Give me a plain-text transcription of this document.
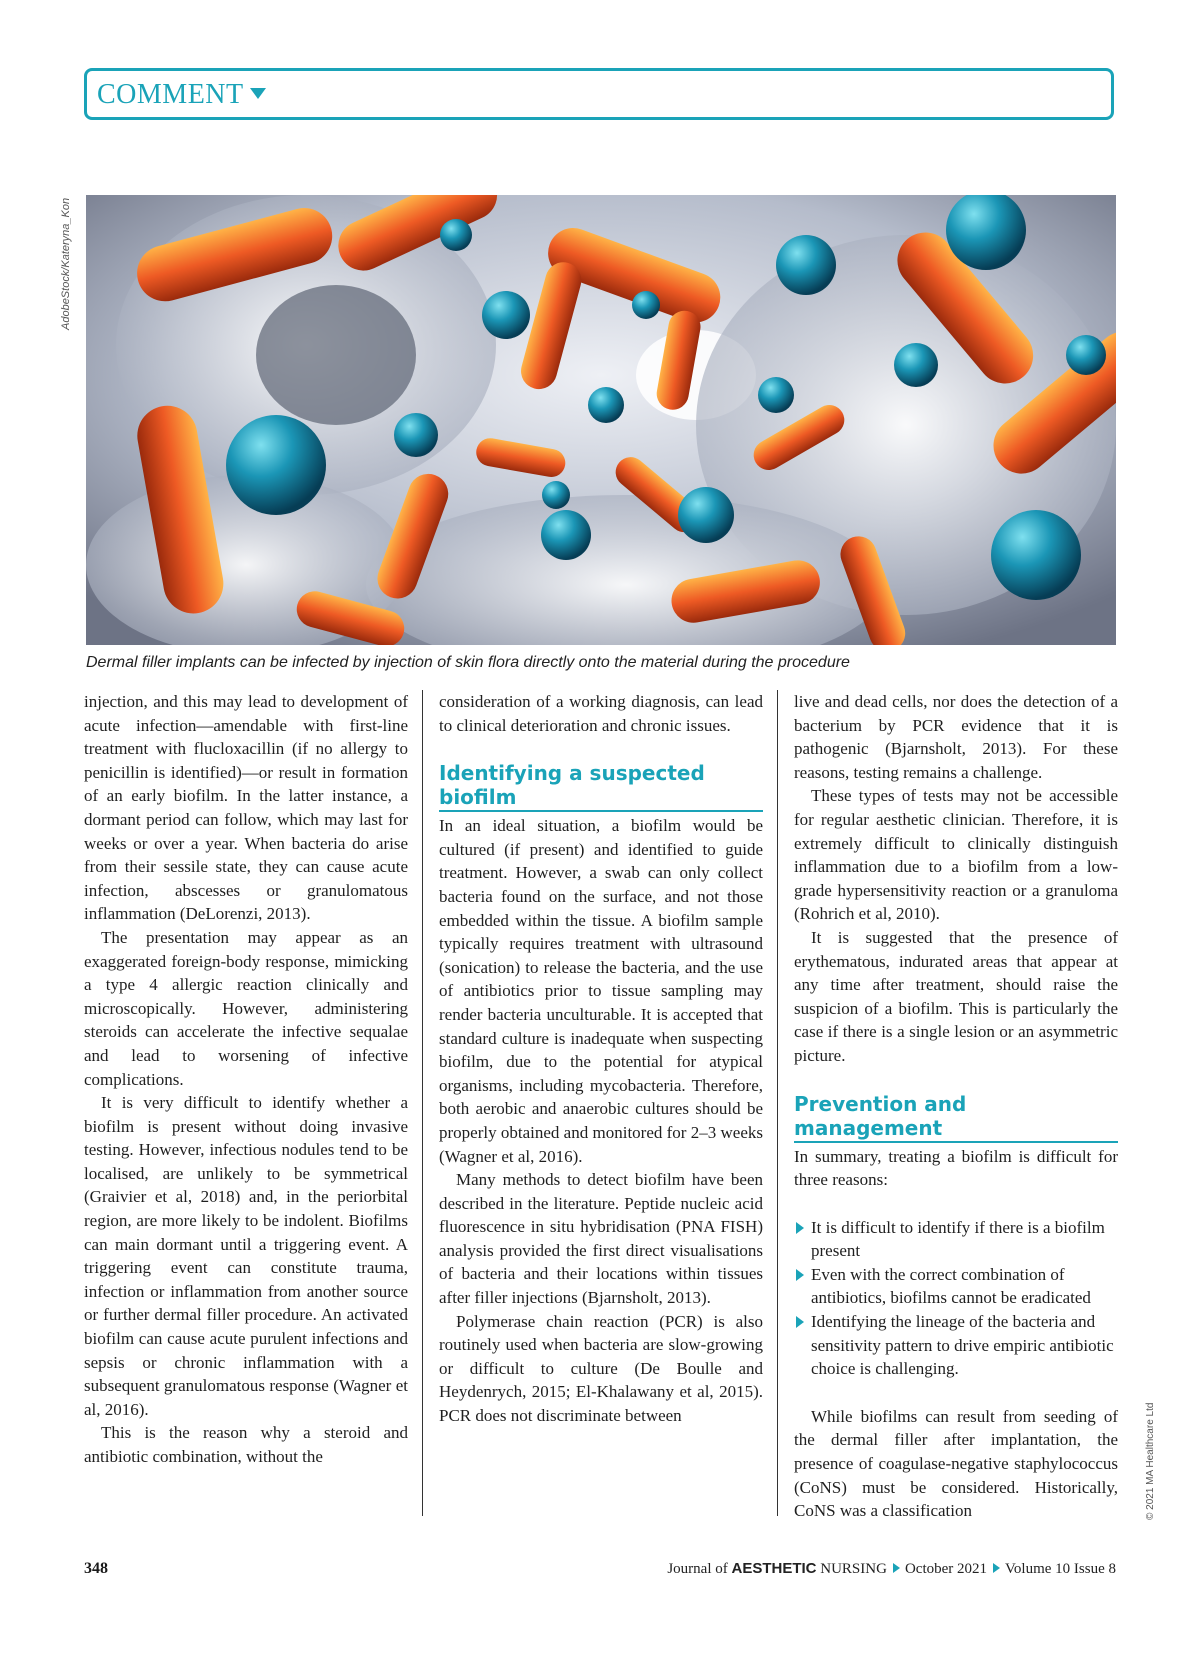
COMMENT
AdobeStock/Kateryna_Kon
Dermal filler implants can be infected by injection of skin flora directly onto the material during the procedure

injection, and this may lead to development of acute infection—amendable with first-line treatment with flucloxacillin (if no allergy to penicillin is identified)—or result in formation of an early biofilm. In the latter instance, a dormant period can follow, which may last for weeks or over a year. When bacteria do arise from their sessile state, they can cause acute infection, abscesses or granulomatous inflammation (DeLorenzi, 2013).

The presentation may appear as an exaggerated foreign-body response, mimicking a type 4 allergic reaction clinically and microscopically. However, administering steroids can accelerate the infective sequalae and lead to worsening of infective complications.

It is very difficult to identify whether a biofilm is present without doing invasive testing. However, infectious nodules tend to be localised, are unlikely to be symmetrical (Graivier et al, 2018) and, in the periorbital region, are more likely to be indolent. Biofilms can main dormant until a triggering event. A triggering event can constitute trauma, infection or inflammation from another source or further dermal filler procedure. An activated biofilm can cause acute purulent infections and sepsis or chronic inflammation with a subsequent granulomatous response (Wagner et al, 2016).

This is the reason why a steroid and antibiotic combination, without the

consideration of a working diagnosis, can lead to clinical deterioration and chronic issues.

Identifying a suspected biofilm

In an ideal situation, a biofilm would be cultured (if present) and identified to guide treatment. However, a swab can only collect bacteria found on the surface, and not those embedded within the tissue. A biofilm sample typically requires treatment with ultrasound (sonication) to release the bacteria, and the use of antibiotics prior to tissue sampling may render bacteria unculturable. It is accepted that standard culture is inadequate when suspecting biofilm, due to the potential for atypical organisms, including mycobacteria. Therefore, both aerobic and anaerobic cultures should be properly obtained and monitored for 2–3 weeks (Wagner et al, 2016).

Many methods to detect biofilm have been described in the literature. Peptide nucleic acid fluorescence in situ hybridisation (PNA FISH) analysis provided the first direct visualisations of bacteria and their locations within tissues after filler injections (Bjarnsholt, 2013).

Polymerase chain reaction (PCR) is also routinely used when bacteria are slow-growing or difficult to culture (De Boulle and Heydenrych, 2015; El-Khalawany et al, 2015). PCR does not discriminate between

live and dead cells, nor does the detection of a bacterium by PCR evidence that it is pathogenic (Bjarnsholt, 2013). For these reasons, testing remains a challenge.

These types of tests may not be accessible for regular aesthetic clinician. Therefore, it is extremely difficult to clinically distinguish inflammation due to a biofilm from a low-grade hypersensitivity reaction or a granuloma (Rohrich et al, 2010).

It is suggested that the presence of erythematous, indurated areas that appear at any time after treatment, should raise the suspicion of a biofilm. This is particularly the case if there is a single lesion or an asymmetric picture.

Prevention and management

In summary, treating a biofilm is difficult for three reasons:

It is difficult to identify if there is a biofilm present
Even with the correct combination of antibiotics, biofilms cannot be eradicated
Identifying the lineage of the bacteria and sensitivity pattern to drive empiric antibiotic choice is challenging.

While biofilms can result from seeding of the dermal filler after implantation, the presence of coagulase-negative staphylococcus (CoNS) must be considered. Historically, CoNS was a classification	© 2021 MA Healthcare Ltd
348	Journal of AESTHETIC NURSING October 2021 Volume 10 Issue 8
